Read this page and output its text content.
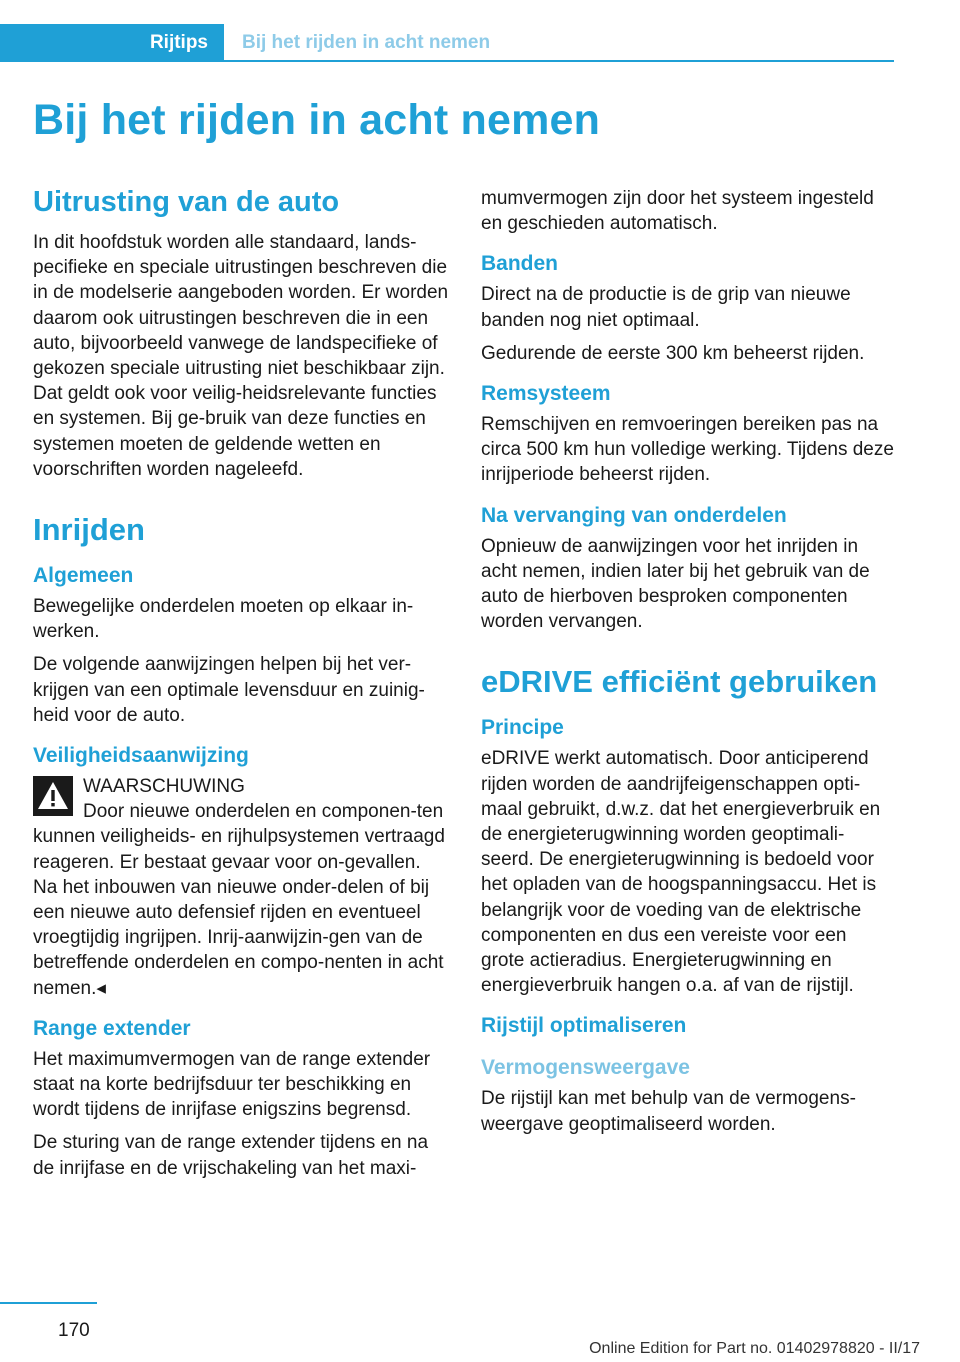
Rijtips	Bij het rijden in acht nemen
Bij het rijden in acht nemen
Uitrusting van de auto

In dit hoofdstuk worden alle standaard, lands-pecifieke en speciale uitrustingen beschreven die in de modelserie aangeboden worden. Er worden daarom ook uitrustingen beschreven die in een auto, bijvoorbeeld vanwege de landspecifieke of gekozen speciale uitrusting niet beschikbaar zijn. Dat geldt ook voor veilig-heidsrelevante functies en systemen. Bij ge-bruik van deze functies en systemen moeten de geldende wetten en voorschriften worden nageleefd.

Inrijden
Algemeen

Bewegelijke onderdelen moeten op elkaar in-werken.

De volgende aanwijzingen helpen bij het ver-krijgen van een optimale levensduur en zuinig-heid voor de auto.

Veiligheidsaanwijzing

WAARSCHUWING

Door nieuwe onderdelen en componen-ten kunnen veiligheids- en rijhulpsystemen vertraagd reageren. Er bestaat gevaar voor on-gevallen. Na het inbouwen van nieuwe onder-delen of bij een nieuwe auto defensief rijden en eventueel vroegtijdig ingrijpen. Inrij-aanwijzin-gen van de betreffende onderdelen en compo-nenten in acht nemen.◂

Range extender

Het maximumvermogen van de range extender staat na korte bedrijfsduur ter beschikking en wordt tijdens de inrijfase enigszins begrensd.

De sturing van de range extender tijdens en na de inrijfase en de vrijschakeling van het maxi-

mumvermogen zijn door het systeem ingesteld en geschieden automatisch.

Banden

Direct na de productie is de grip van nieuwe banden nog niet optimaal.

Gedurende de eerste 300 km beheerst rijden.

Remsysteem

Remschijven en remvoeringen bereiken pas na circa 500 km hun volledige werking. Tijdens deze inrijperiode beheerst rijden.

Na vervanging van onderdelen

Opnieuw de aanwijzingen voor het inrijden in acht nemen, indien later bij het gebruik van de auto de hierboven besproken componenten worden vervangen.

eDRIVE efficiënt gebruiken
Principe

eDRIVE werkt automatisch. Door anticiperend rijden worden de aandrijfeigenschappen opti-maal gebruikt, d.w.z. dat het energieverbruik en de energieterugwinning worden geoptimali-seerd. De energieterugwinning is bedoeld voor het opladen van de hoogspanningsaccu. Het is belangrijk voor de voeding van de elektrische componenten en dus een vereiste voor een grote actieradius. Energieterugwinning en energieverbruik hangen o.a. af van de rijstijl.

Rijstijl optimaliseren
Vermogensweergave

De rijstijl kan met behulp van de vermogens-weergave geoptimaliseerd worden.

170
Online Edition for Part no. 01402978820 - II/17
